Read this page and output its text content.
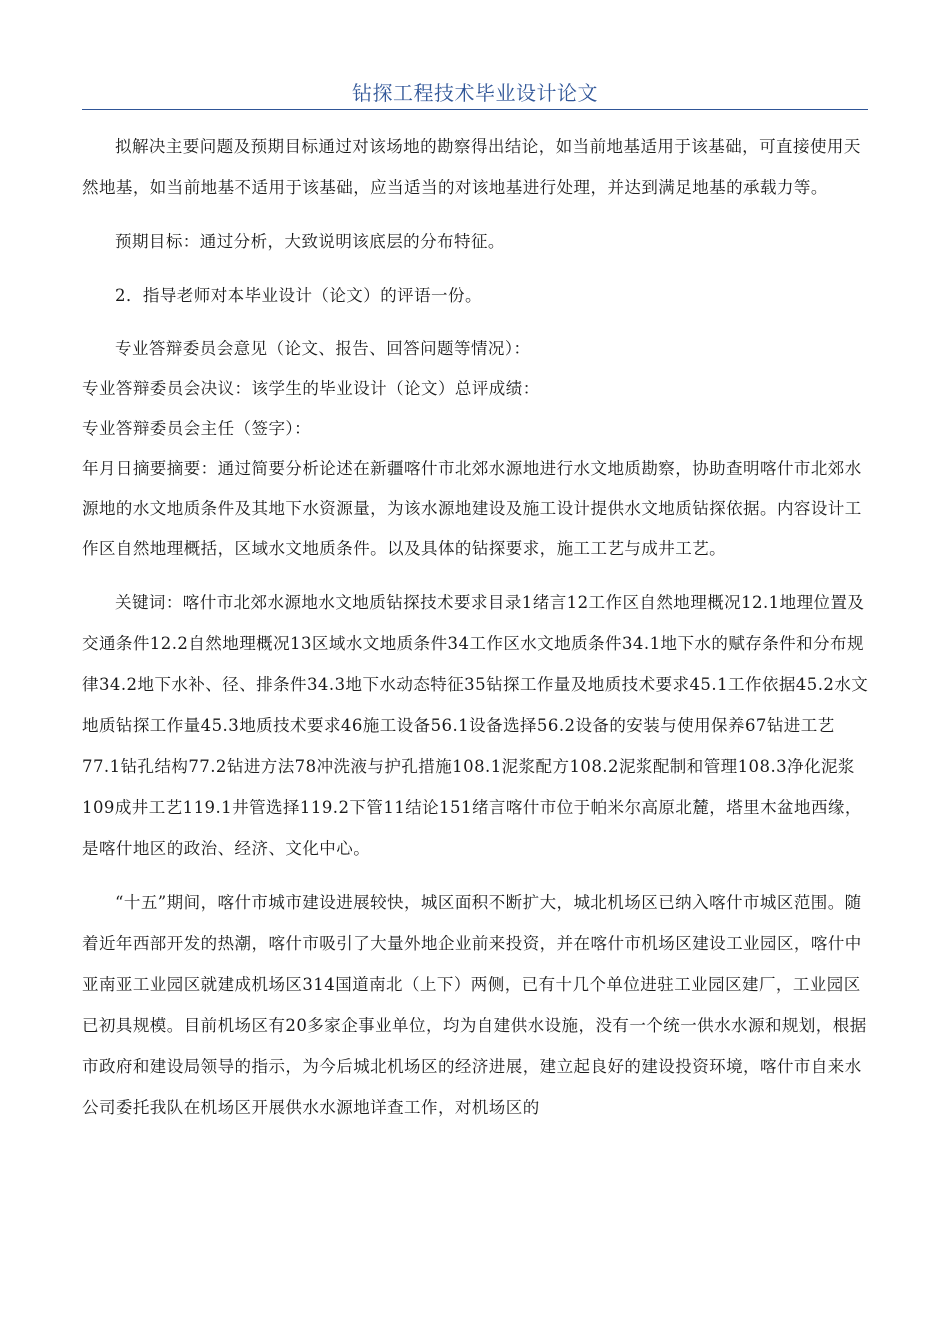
钻探工程技术毕业设计论文

拟解决主要问题及预期目标通过对该场地的勘察得出结论，如当前地基适用于该基础，可直接使用天然地基，如当前地基不适用于该基础，应当适当的对该地基进行处理，并达到满足地基的承载力等。

预期目标：通过分析，大致说明该底层的分布特征。

2．指导老师对本毕业设计（论文）的评语一份。

专业答辩委员会意见（论文、报告、回答问题等情况）：

专业答辩委员会决议：该学生的毕业设计（论文）总评成绩：

专业答辩委员会主任（签字）：

年月日摘要摘要：通过简要分析论述在新疆喀什市北郊水源地进行水文地质勘察，协助查明喀什市北郊水源地的水文地质条件及其地下水资源量，为该水源地建设及施工设计提供水文地质钻探依据。内容设计工作区自然地理概括，区域水文地质条件。以及具体的钻探要求，施工工艺与成井工艺。

关键词：喀什市北郊水源地水文地质钻探技术要求目录1绪言12工作区自然地理概况12.1地理位置及交通条件12.2自然地理概况13区域水文地质条件34工作区水文地质条件34.1地下水的赋存条件和分布规律34.2地下水补、径、排条件34.3地下水动态特征35钻探工作量及地质技术要求45.1工作依据45.2水文地质钻探工作量45.3地质技术要求46施工设备56.1设备选择56.2设备的安装与使用保养67钻进工艺77.1钻孔结构77.2钻进方法78冲洗液与护孔措施108.1泥浆配方108.2泥浆配制和管理108.3净化泥浆109成井工艺119.1井管选择119.2下管11结论151绪言喀什市位于帕米尔高原北麓，塔里木盆地西缘，是喀什地区的政治、经济、文化中心。

“十五”期间，喀什市城市建设进展较快，城区面积不断扩大，城北机场区已纳入喀什市城区范围。随着近年西部开发的热潮，喀什市吸引了大量外地企业前来投资，并在喀什市机场区建设工业园区，喀什中亚南亚工业园区就建成机场区314国道南北（上下）两侧，已有十几个单位进驻工业园区建厂，工业园区已初具规模。目前机场区有20多家企事业单位，均为自建供水设施，没有一个统一供水水源和规划，根据市政府和建设局领导的指示，为今后城北机场区的经济进展，建立起良好的建设投资环境，喀什市自来水公司委托我队在机场区开展供水水源地详查工作，对机场区的
